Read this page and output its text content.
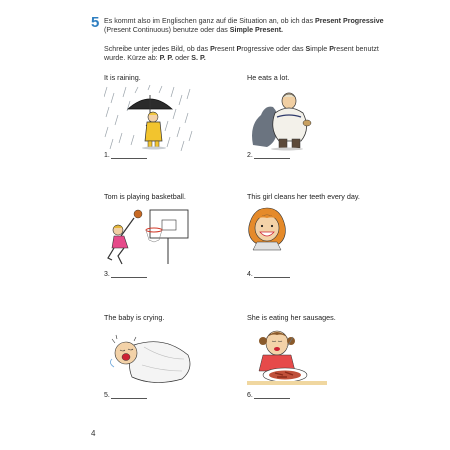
5 Es kommt also im Englischen ganz auf die Situation an, ob ich das Present Progressive (Present Continuous) benutze oder das Simple Present.

Schreibe unter jedes Bild, ob das Present Progressive oder das Simple Present benutzt wurde. Kürze ab: P. P. oder S. P.

It is raining.
1.
He eats a lot.
2.
Tom is playing basketball.
3.
This girl cleans her teeth every day.
4.
The baby is crying.
5.
She is eating her sausages.
6.
4
